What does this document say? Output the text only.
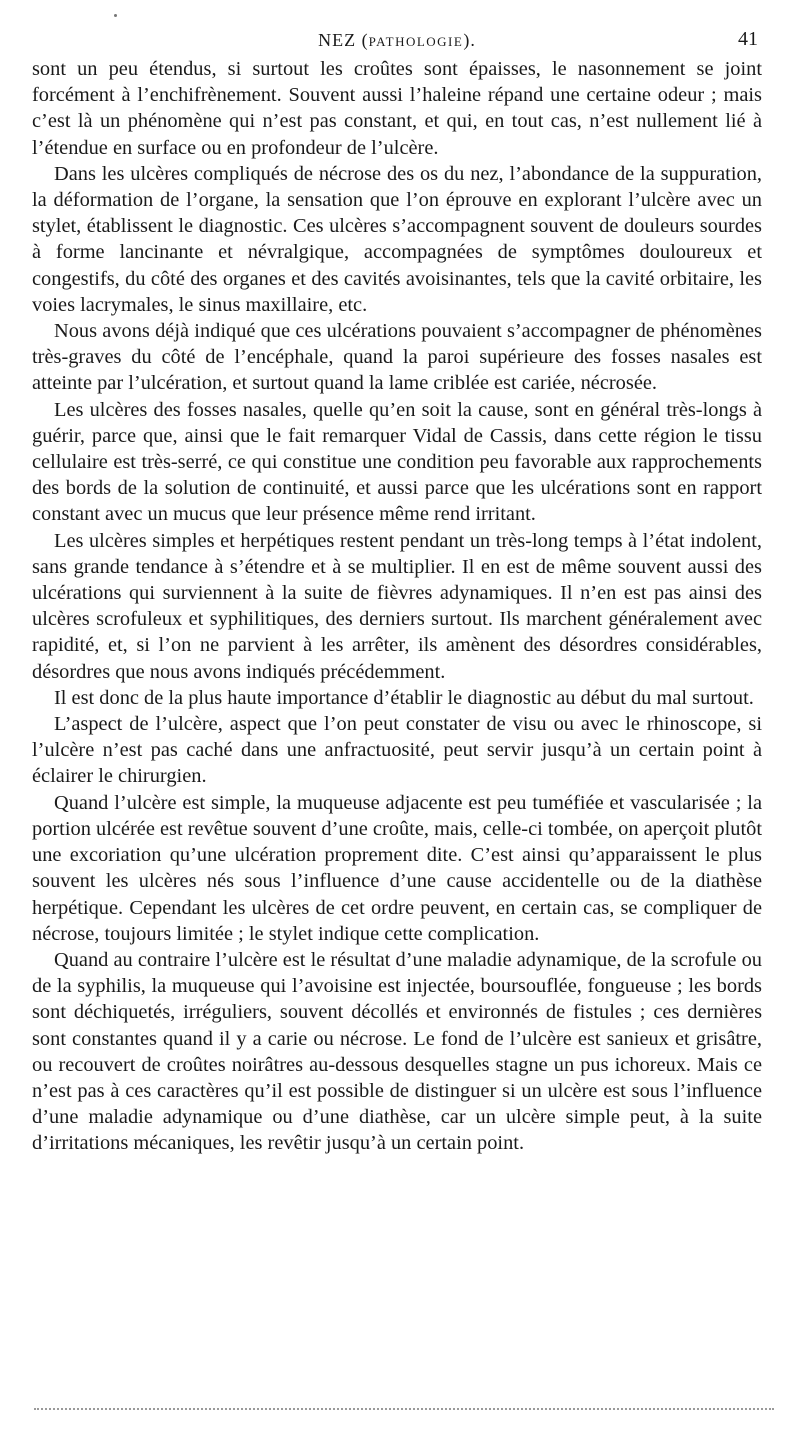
NEZ (PATHOLOGIE).	41

sont un peu étendus, si surtout les croûtes sont épaisses, le nasonnement se joint forcément à l’enchifrènement. Souvent aussi l’haleine répand une certaine odeur ; mais c’est là un phénomène qui n’est pas constant, et qui, en tout cas, n’est nullement lié à l’étendue en surface ou en profondeur de l’ulcère.

Dans les ulcères compliqués de nécrose des os du nez, l’abondance de la suppuration, la déformation de l’organe, la sensation que l’on éprouve en explorant l’ulcère avec un stylet, établissent le diagnostic. Ces ulcères s’accompagnent souvent de douleurs sourdes à forme lancinante et névralgique, accompagnées de symptômes douloureux et congestifs, du côté des organes et des cavités avoisinantes, tels que la cavité orbitaire, les voies lacrymales, le sinus maxillaire, etc.

Nous avons déjà indiqué que ces ulcérations pouvaient s’accompagner de phénomènes très-graves du côté de l’encéphale, quand la paroi supérieure des fosses nasales est atteinte par l’ulcération, et surtout quand la lame criblée est cariée, nécrosée.

Les ulcères des fosses nasales, quelle qu’en soit la cause, sont en général très-longs à guérir, parce que, ainsi que le fait remarquer Vidal de Cassis, dans cette région le tissu cellulaire est très-serré, ce qui constitue une condition peu favorable aux rapprochements des bords de la solution de continuité, et aussi parce que les ulcérations sont en rapport constant avec un mucus que leur présence même rend irritant.

Les ulcères simples et herpétiques restent pendant un très-long temps à l’état indolent, sans grande tendance à s’étendre et à se multiplier. Il en est de même souvent aussi des ulcérations qui surviennent à la suite de fièvres adynamiques. Il n’en est pas ainsi des ulcères scrofuleux et syphilitiques, des derniers surtout. Ils marchent généralement avec rapidité, et, si l’on ne parvient à les arrêter, ils amènent des désordres considérables, désordres que nous avons indiqués précédemment.

Il est donc de la plus haute importance d’établir le diagnostic au début du mal surtout.

L’aspect de l’ulcère, aspect que l’on peut constater de visu ou avec le rhinoscope, si l’ulcère n’est pas caché dans une anfractuosité, peut servir jusqu’à un certain point à éclairer le chirurgien.

Quand l’ulcère est simple, la muqueuse adjacente est peu tuméfiée et vascularisée ; la portion ulcérée est revêtue souvent d’une croûte, mais, celle-ci tombée, on aperçoit plutôt une excoriation qu’une ulcération proprement dite. C’est ainsi qu’apparaissent le plus souvent les ulcères nés sous l’influence d’une cause accidentelle ou de la diathèse herpétique. Cependant les ulcères de cet ordre peuvent, en certain cas, se compliquer de nécrose, toujours limitée ; le stylet indique cette complication.

Quand au contraire l’ulcère est le résultat d’une maladie adynamique, de la scrofule ou de la syphilis, la muqueuse qui l’avoisine est injectée, boursouflée, fongueuse ; les bords sont déchiquetés, irréguliers, souvent décollés et environnés de fistules ; ces dernières sont constantes quand il y a carie ou nécrose. Le fond de l’ulcère est sanieux et grisâtre, ou recouvert de croûtes noirâtres au-dessous desquelles stagne un pus ichoreux. Mais ce n’est pas à ces caractères qu’il est possible de distinguer si un ulcère est sous l’influence d’une maladie adynamique ou d’une diathèse, car un ulcère simple peut, à la suite d’irritations mécaniques, les revêtir jusqu’à un certain point.
